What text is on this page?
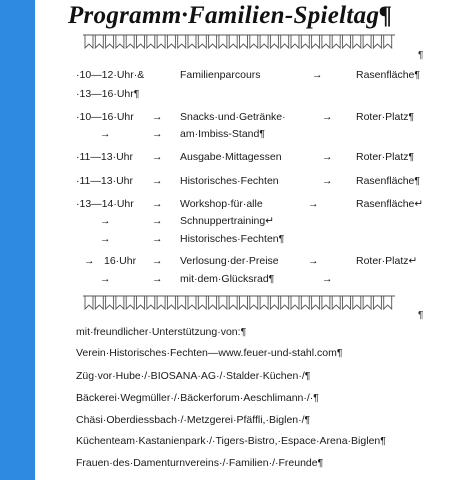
Programm·Familien-Spieltag¶
¶
·10—12·Uhr·&	Familienparcours	→	Rasenfläche¶
·13—16·Uhr¶
·10—16·Uhr → Snacks·und·Getränke·	→ Roter·Platz¶
→	→ am·Imbiss-Stand¶
·11—13·Uhr → Ausgabe·Mittagessen	→ Roter·Platz¶
·11—13·Uhr → Historisches·Fechten	→ Rasenfläche¶
·13—14·Uhr → Workshop·für·alle	→	Rasenfläche↵
→	→ Schnuppertraining↵
→	→ Historisches·Fechten¶
→ 16·Uhr → Verlosung·der·Preise	→	Roter·Platz↵
→	→ mit·dem·Glücksrad¶	→
¶
mit·freundlicher·Unterstützung·von:¶
Verein·Historisches·Fechten—www.feuer-und-stahl.com¶
Züg·vor·Hube·/·BIOSANA·AG·/·Stalder·Küchen·/¶
Bäckerei·Wegmüller·/·Bäckerforum·Aeschlimann·/·¶
Chäsi·Oberdiessbach·/·Metzgerei·Pfäffli,·Biglen·/¶
Küchenteam·Kastanienpark·/·Tigers-Bistro,·Espace·Arena·Biglen¶
Frauen·des·Damenturnvereins·/·Familien·/·Freunde¶
